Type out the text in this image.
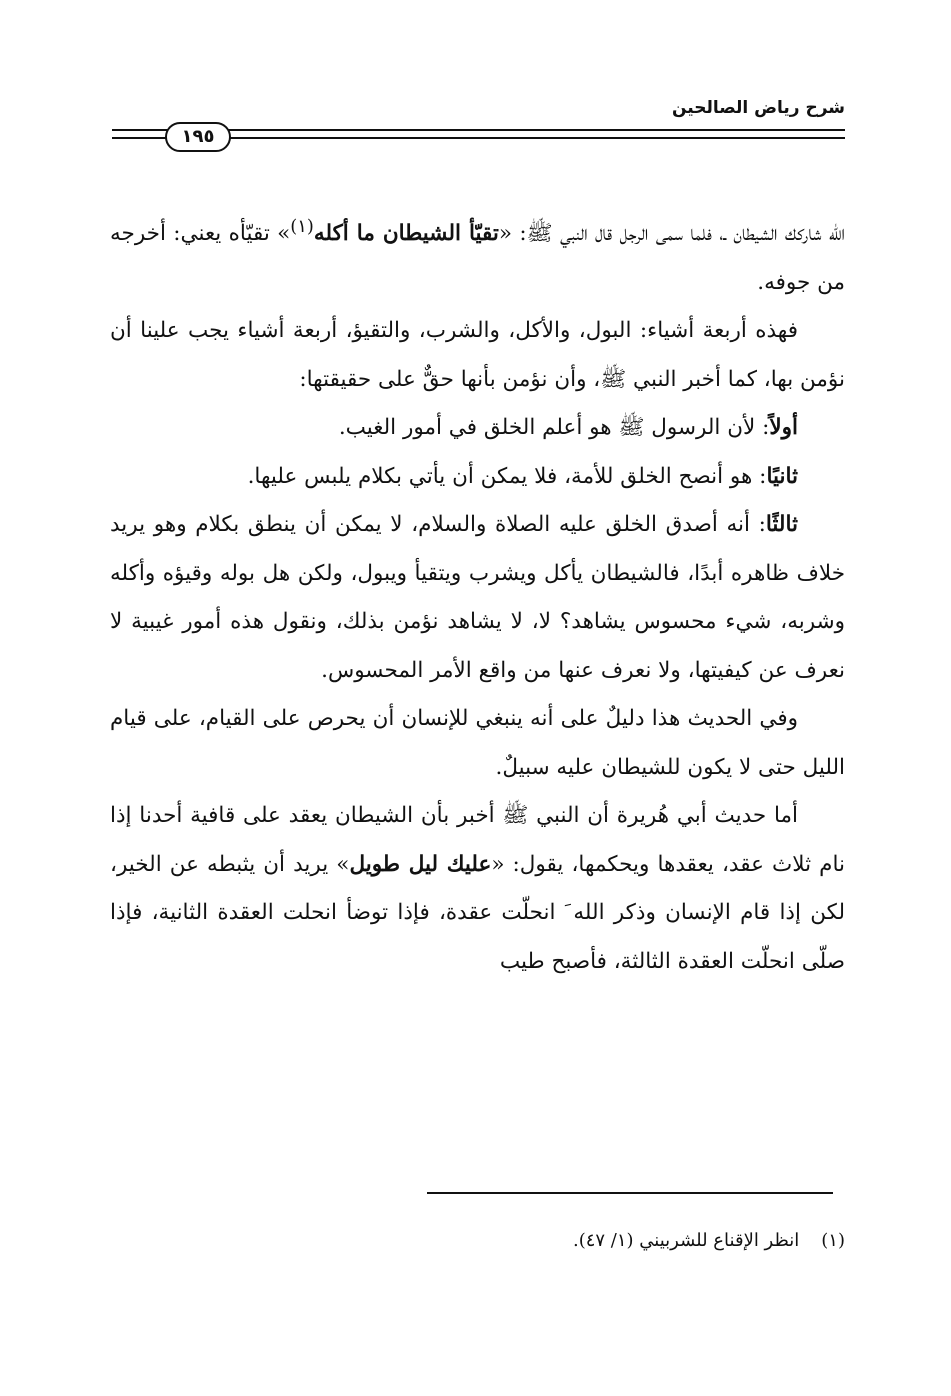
شرح رياض الصالحين
١٩٥

الله شاركك الشيطان ـ، فلما سمى الرجل قال النبي ﷺ: «تقيّأ الشيطان ما أكله$^{(١)}$» تقيّأه يعني: أخرجه من جوفه.

فهذه أربعة أشياء: البول، والأكل، والشرب، والتقيؤ، أربعة أشياء يجب علينا أن نؤمن بها، كما أخبر النبي ﷺ، وأن نؤمن بأنها حقٌّ على حقيقتها:

أولاً: لأن الرسول ﷺ هو أعلم الخلق في أمور الغيب.

ثانيًا: هو أنصح الخلق للأمة، فلا يمكن أن يأتي بكلام يلبس عليها.

ثالثًا: أنه أصدق الخلق عليه الصلاة والسلام، لا يمكن أن ينطق بكلام وهو يريد خلاف ظاهره أبدًا، فالشيطان يأكل ويشرب ويتقيأ ويبول، ولكن هل بوله وقيؤه وأكله وشربه، شيء محسوس يشاهد؟ لا، لا يشاهد نؤمن بذلك، ونقول هذه أمور غيبية لا نعرف عن كيفيتها، ولا نعرف عنها من واقع الأمر المحسوس.

وفي الحديث هذا دليلٌ على أنه ينبغي للإنسان أن يحرص على القيام، على قيام الليل حتى لا يكون للشيطان عليه سبيلٌ.

أما حديث أبي هُريرة أن النبي ﷺ أخبر بأن الشيطان يعقد على قافية أحدنا إذا نام ثلاث عقد، يعقدها ويحكمها، يقول: «عليك ليل طويل» يريد أن يثبطه عن الخير، لكن إذا قام الإنسان وذكر الله َ انحلّت عقدة، فإذا توضأ انحلت العقدة الثانية، فإذا صلّى انحلّت العقدة الثالثة، فأصبح طيب

(١)انظر الإقناع للشربيني (١/ ٤٧).
